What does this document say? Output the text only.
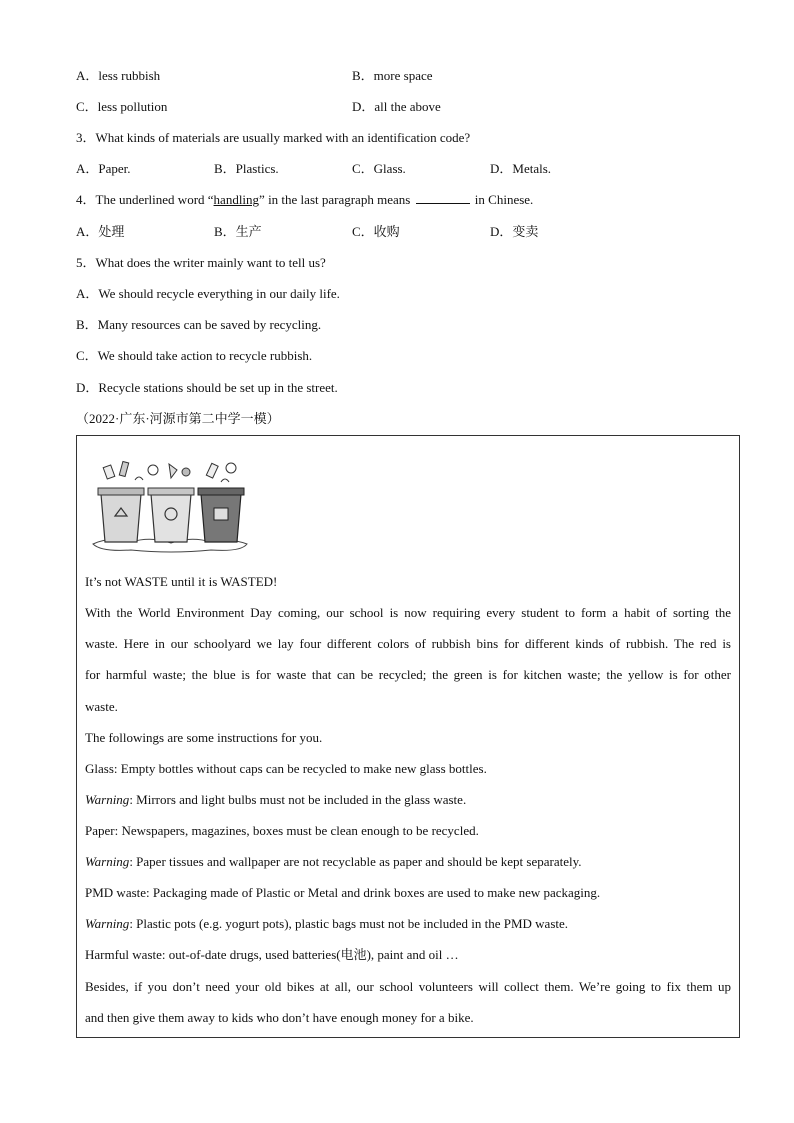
A．less rubbish	B．more space
C．less pollution	D．all the above
3．What kinds of materials are usually marked with an identification code?
A．Paper.	B．Plastics.	C．Glass.	D．Metals.
4．The underlined word “handling” in the last paragraph means	in Chinese.
A．处理	B．生产	C．收购	D．变卖
5．What does the writer mainly want to tell us?
A．We should recycle everything in our daily life.
B．Many resources can be saved by recycling.
C．We should take action to recycle rubbish.
D．Recycle stations should be set up in the street.
（2022·广东·河源市第二中学一模）
It’s not WASTE until it is WASTED!
With the World Environment Day coming, our school is now requiring every student to form a habit of sorting the
waste. Here in our schoolyard we lay four different colors of rubbish bins for different kinds of rubbish. The red is
for harmful waste; the blue is for waste that can be recycled; the green is for kitchen waste; the yellow is for other
waste.
The followings are some instructions for you.
Glass: Empty bottles without caps can be recycled to make new glass bottles.
Warning: Mirrors and light bulbs must not be included in the glass waste.
Paper: Newspapers, magazines, boxes must be clean enough to be recycled.
Warning: Paper tissues and wallpaper are not recyclable as paper and should be kept separately.
PMD waste: Packaging made of Plastic or Metal and drink boxes are used to make new packaging.
Warning: Plastic pots (e.g. yogurt pots), plastic bags must not be included in the PMD waste.
Harmful waste: out-of-date drugs, used batteries(电池), paint and oil …
Besides, if you don’t need your old bikes at all, our school volunteers will collect them. We’re going to fix them up
and then give them away to kids who don’t have enough money for a bike.
